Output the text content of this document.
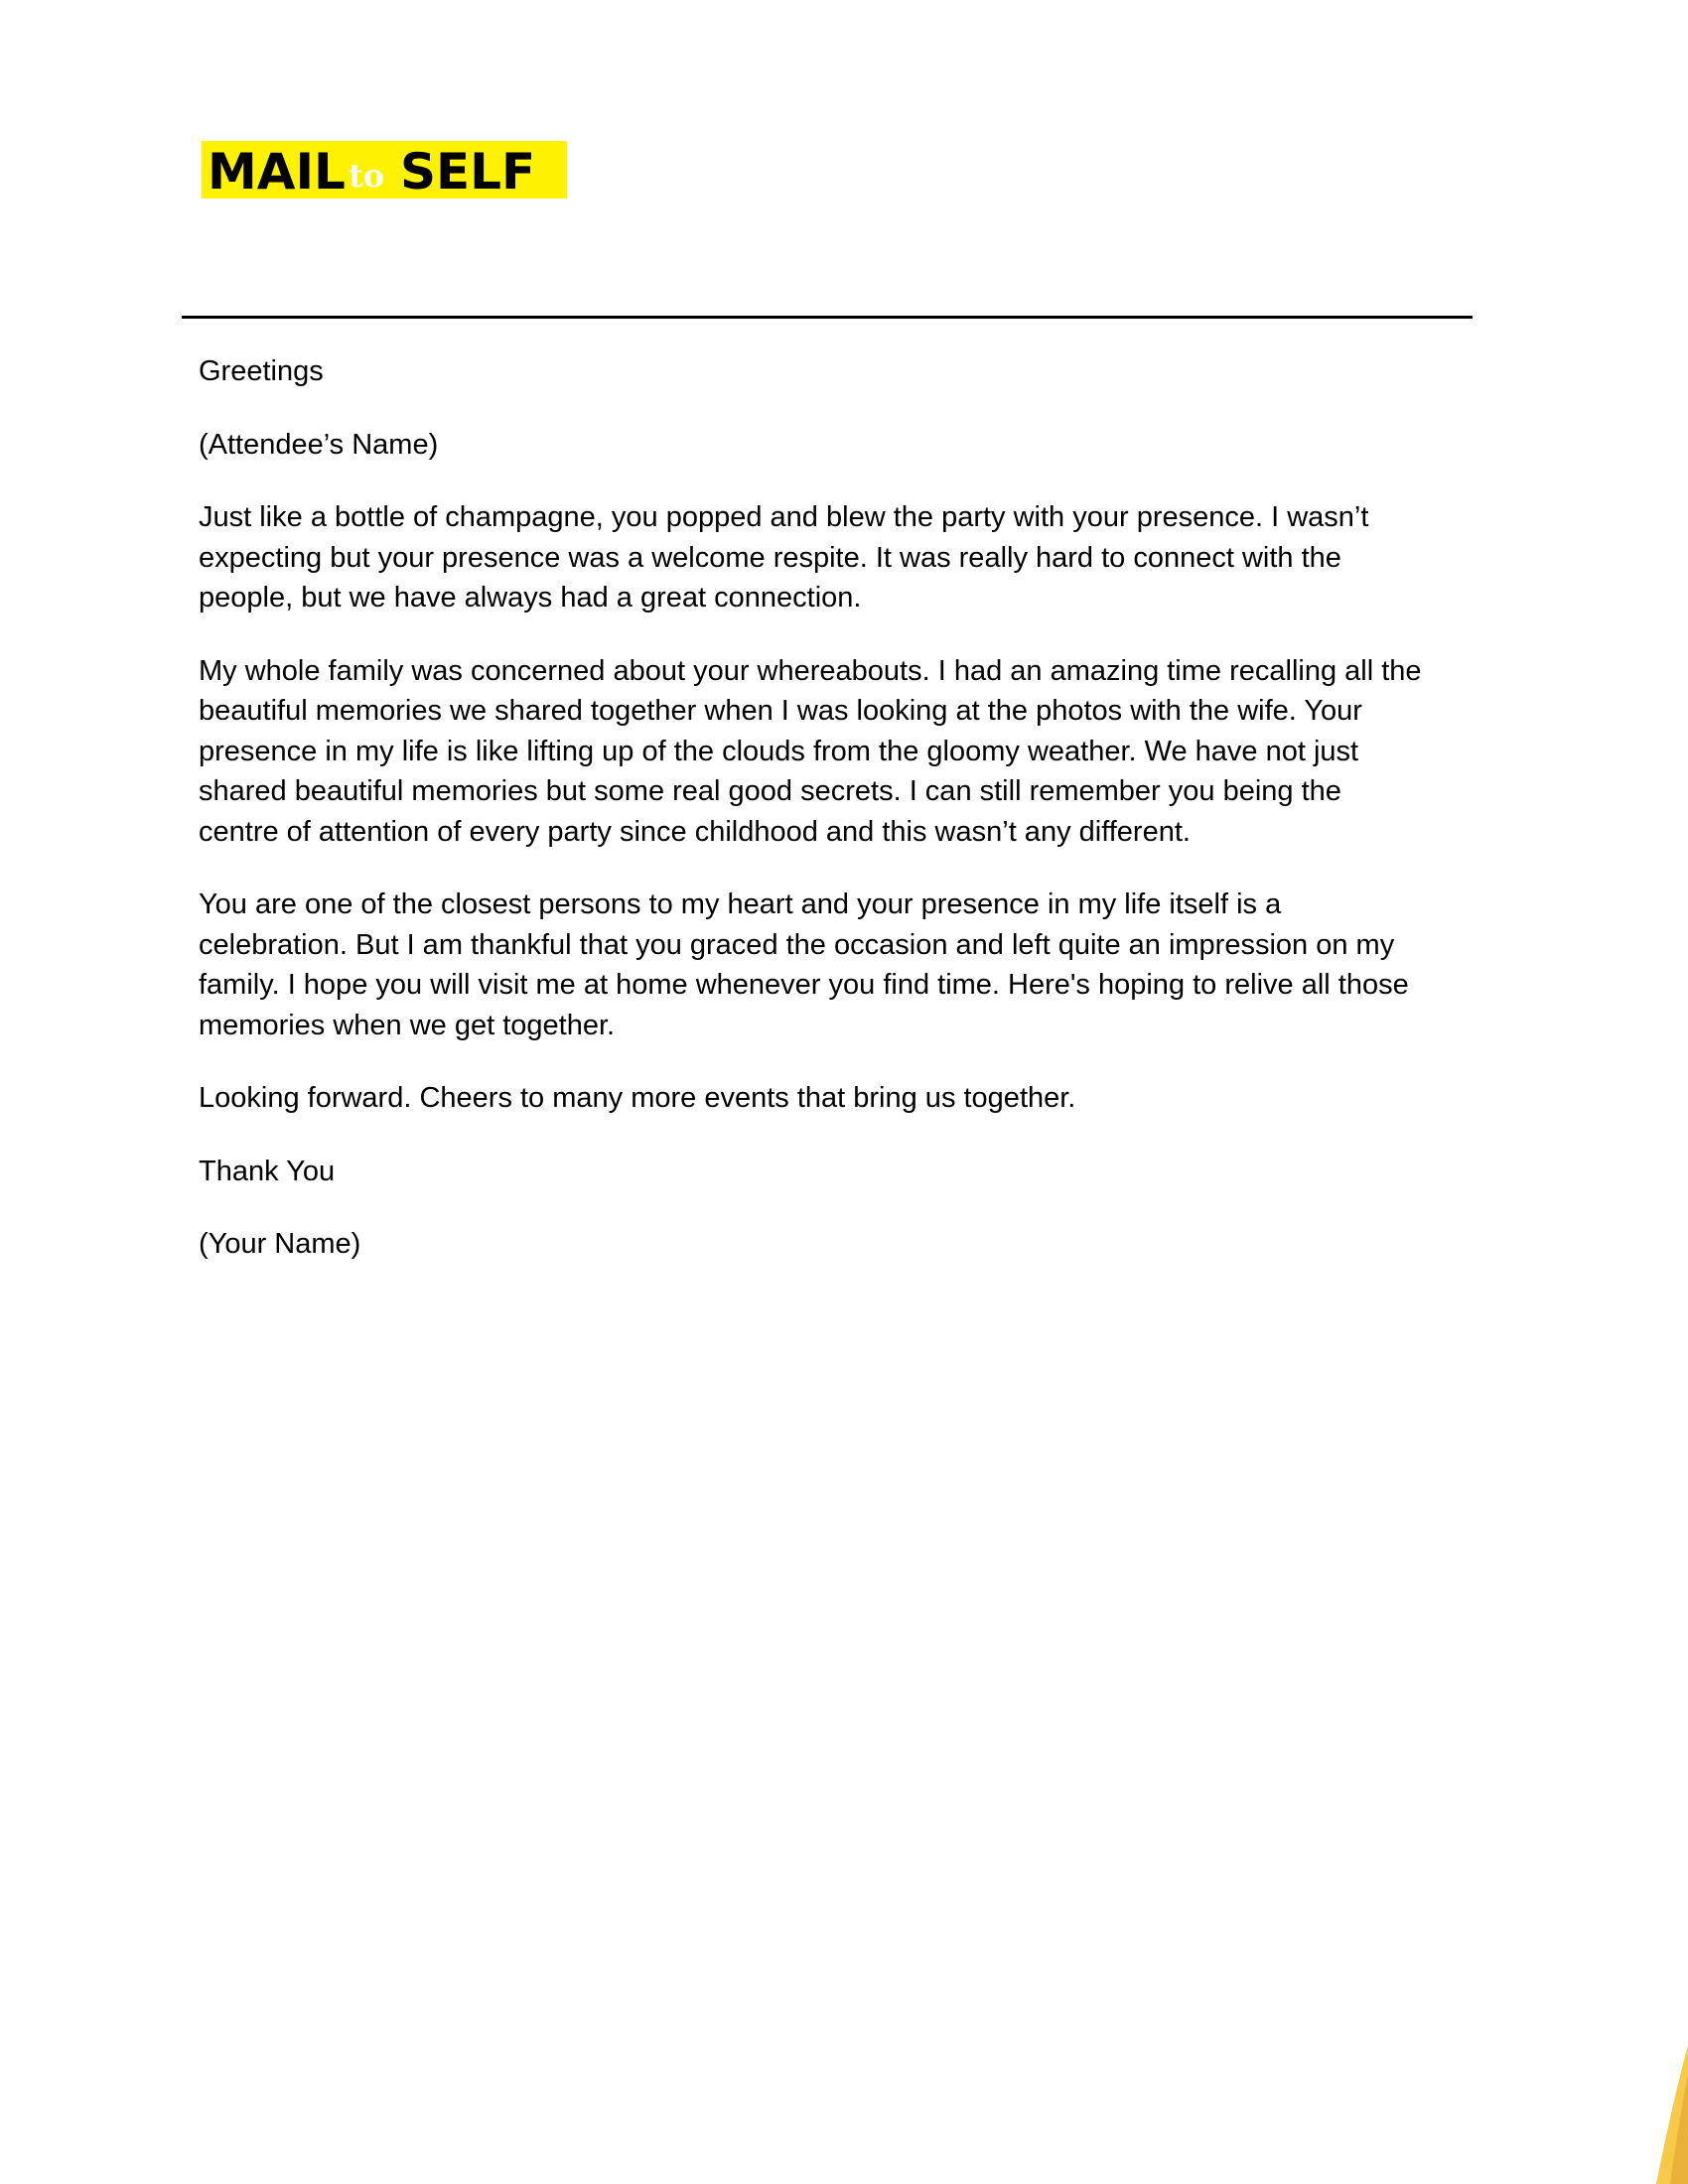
MAIL to SELF

Greetings

(Attendee’s Name)

Just like a bottle of champagne, you popped and blew the party with your presence. I wasn’t
expecting but your presence was a welcome respite. It was really hard to connect with the
people, but we have always had a great connection.

My whole family was concerned about your whereabouts. I had an amazing time recalling all the
beautiful memories we shared together when I was looking at the photos with the wife. Your
presence in my life is like lifting up of the clouds from the gloomy weather. We have not just
shared beautiful memories but some real good secrets. I can still remember you being the
centre of attention of every party since childhood and this wasn’t any different.

You are one of the closest persons to my heart and your presence in my life itself is a
celebration. But I am thankful that you graced the occasion and left quite an impression on my
family. I hope you will visit me at home whenever you find time. Here's hoping to relive all those
memories when we get together.

Looking forward. Cheers to many more events that bring us together.

Thank You

(Your Name)
